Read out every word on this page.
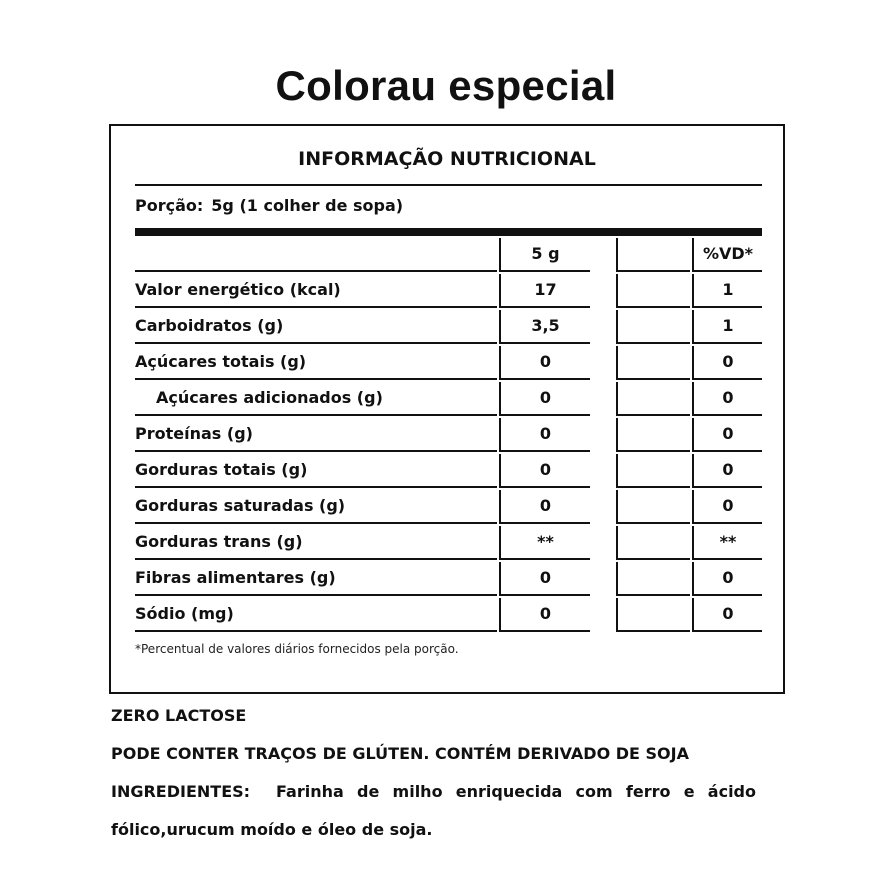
Colorau especial
INFORMAÇÃO NUTRICIONAL
Porção: 5g (1 colher de sopa)
5 g	%VD*
Valor energético (kcal)	17	1
Carboidratos (g)	3,5	1
Açúcares totais (g)	0	0
Açúcares adicionados (g)	0	0
Proteínas (g)	0	0
Gorduras totais (g)	0	0
Gorduras saturadas (g)	0	0
Gorduras trans (g)	**	**
Fibras alimentares (g)	0	0
Sódio (mg)	0	0
*Percentual de valores diários fornecidos pela porção.
ZERO LACTOSE
PODE CONTER TRAÇOS DE GLÚTEN. CONTÉM DERIVADO DE SOJA
INGREDIENTES: Farinha de milho enriquecida com ferro e ácido
fólico,urucum moído e óleo de soja.
